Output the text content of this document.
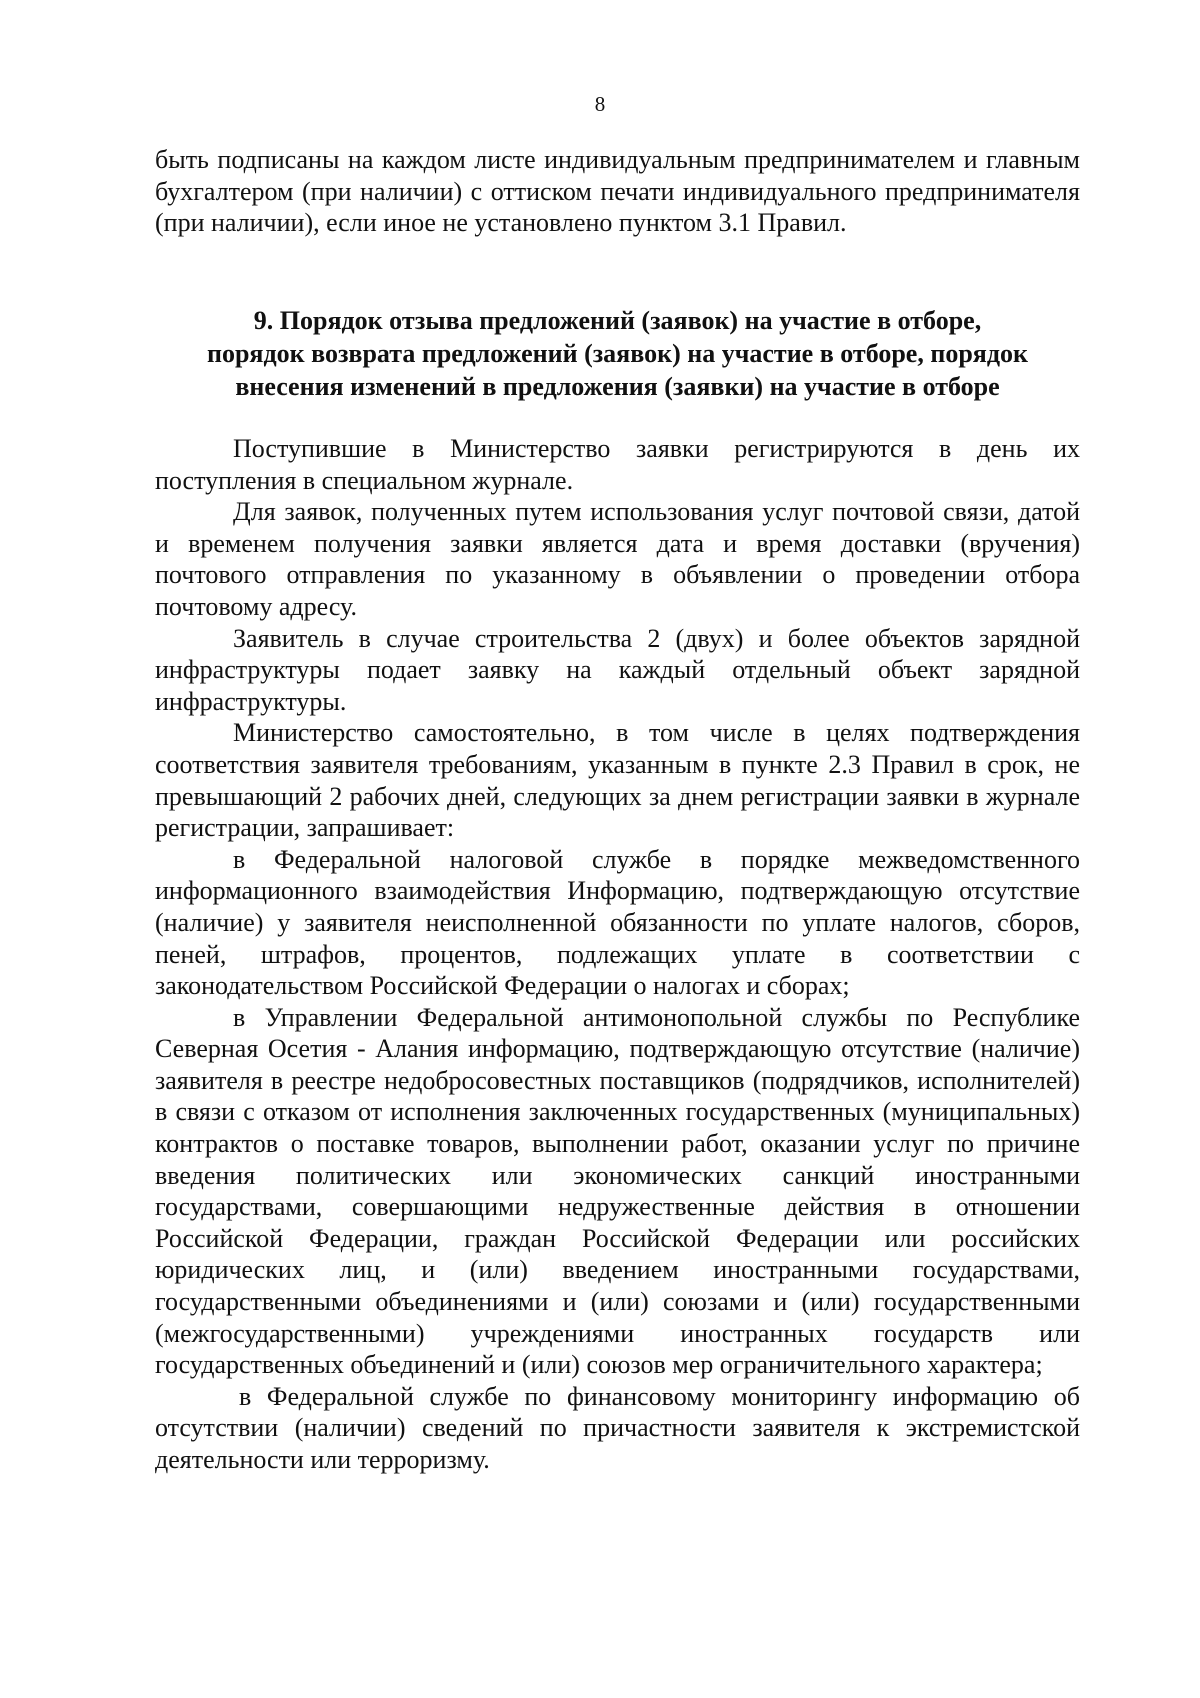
8

быть подписаны на каждом листе индивидуальным предпринимателем и главным бухгалтером (при наличии) с оттиском печати индивидуального предпринимателя (при наличии), если иное не установлено пунктом 3.1 Правил.

9. Порядок отзыва предложений (заявок) на участие в отборе,

порядок возврата предложений (заявок) на участие в отборе, порядок

внесения изменений в предложения (заявки) на участие в отборе

Поступившие в Министерство заявки регистрируются в день их поступления в специальном журнале.

Для заявок, полученных путем использования услуг почтовой связи, датой и временем получения заявки является дата и время доставки (вручения) почтового отправления по указанному в объявлении о проведении отбора почтовому адресу.

Заявитель в случае строительства 2 (двух) и более объектов зарядной инфраструктуры подает заявку на каждый отдельный объект зарядной инфраструктуры.

Министерство самостоятельно, в том числе в целях подтверждения соответствия заявителя требованиям, указанным в пункте 2.3 Правил в срок, не превышающий 2 рабочих дней, следующих за днем регистрации заявки в журнале регистрации, запрашивает:

в Федеральной налоговой службе в порядке межведомственного информационного взаимодействия Информацию, подтверждающую отсутствие (наличие) у заявителя неисполненной обязанности по уплате налогов, сборов, пеней, штрафов, процентов, подлежащих уплате в соответствии с законодательством Российской Федерации о налогах и сборах;

в Управлении Федеральной антимонопольной службы по Республике Северная Осетия - Алания информацию, подтверждающую отсутствие (наличие) заявителя в реестре недобросовестных поставщиков (подрядчиков, исполнителей) в связи с отказом от исполнения заключенных государственных (муниципальных) контрактов о поставке товаров, выполнении работ, оказании услуг по причине введения политических или экономических санкций иностранными государствами, совершающими недружественные действия в отношении Российской Федерации, граждан Российской Федерации или российских юридических лиц, и (или) введением иностранными государствами, государственными объединениями и (или) союзами и (или) государственными (межгосударственными) учреждениями иностранных государств или государственных объединений и (или) союзов мер ограничительного характера;

в Федеральной службе по финансовому мониторингу информацию об отсутствии (наличии) сведений по причастности заявителя к экстремистской деятельности или терроризму.
